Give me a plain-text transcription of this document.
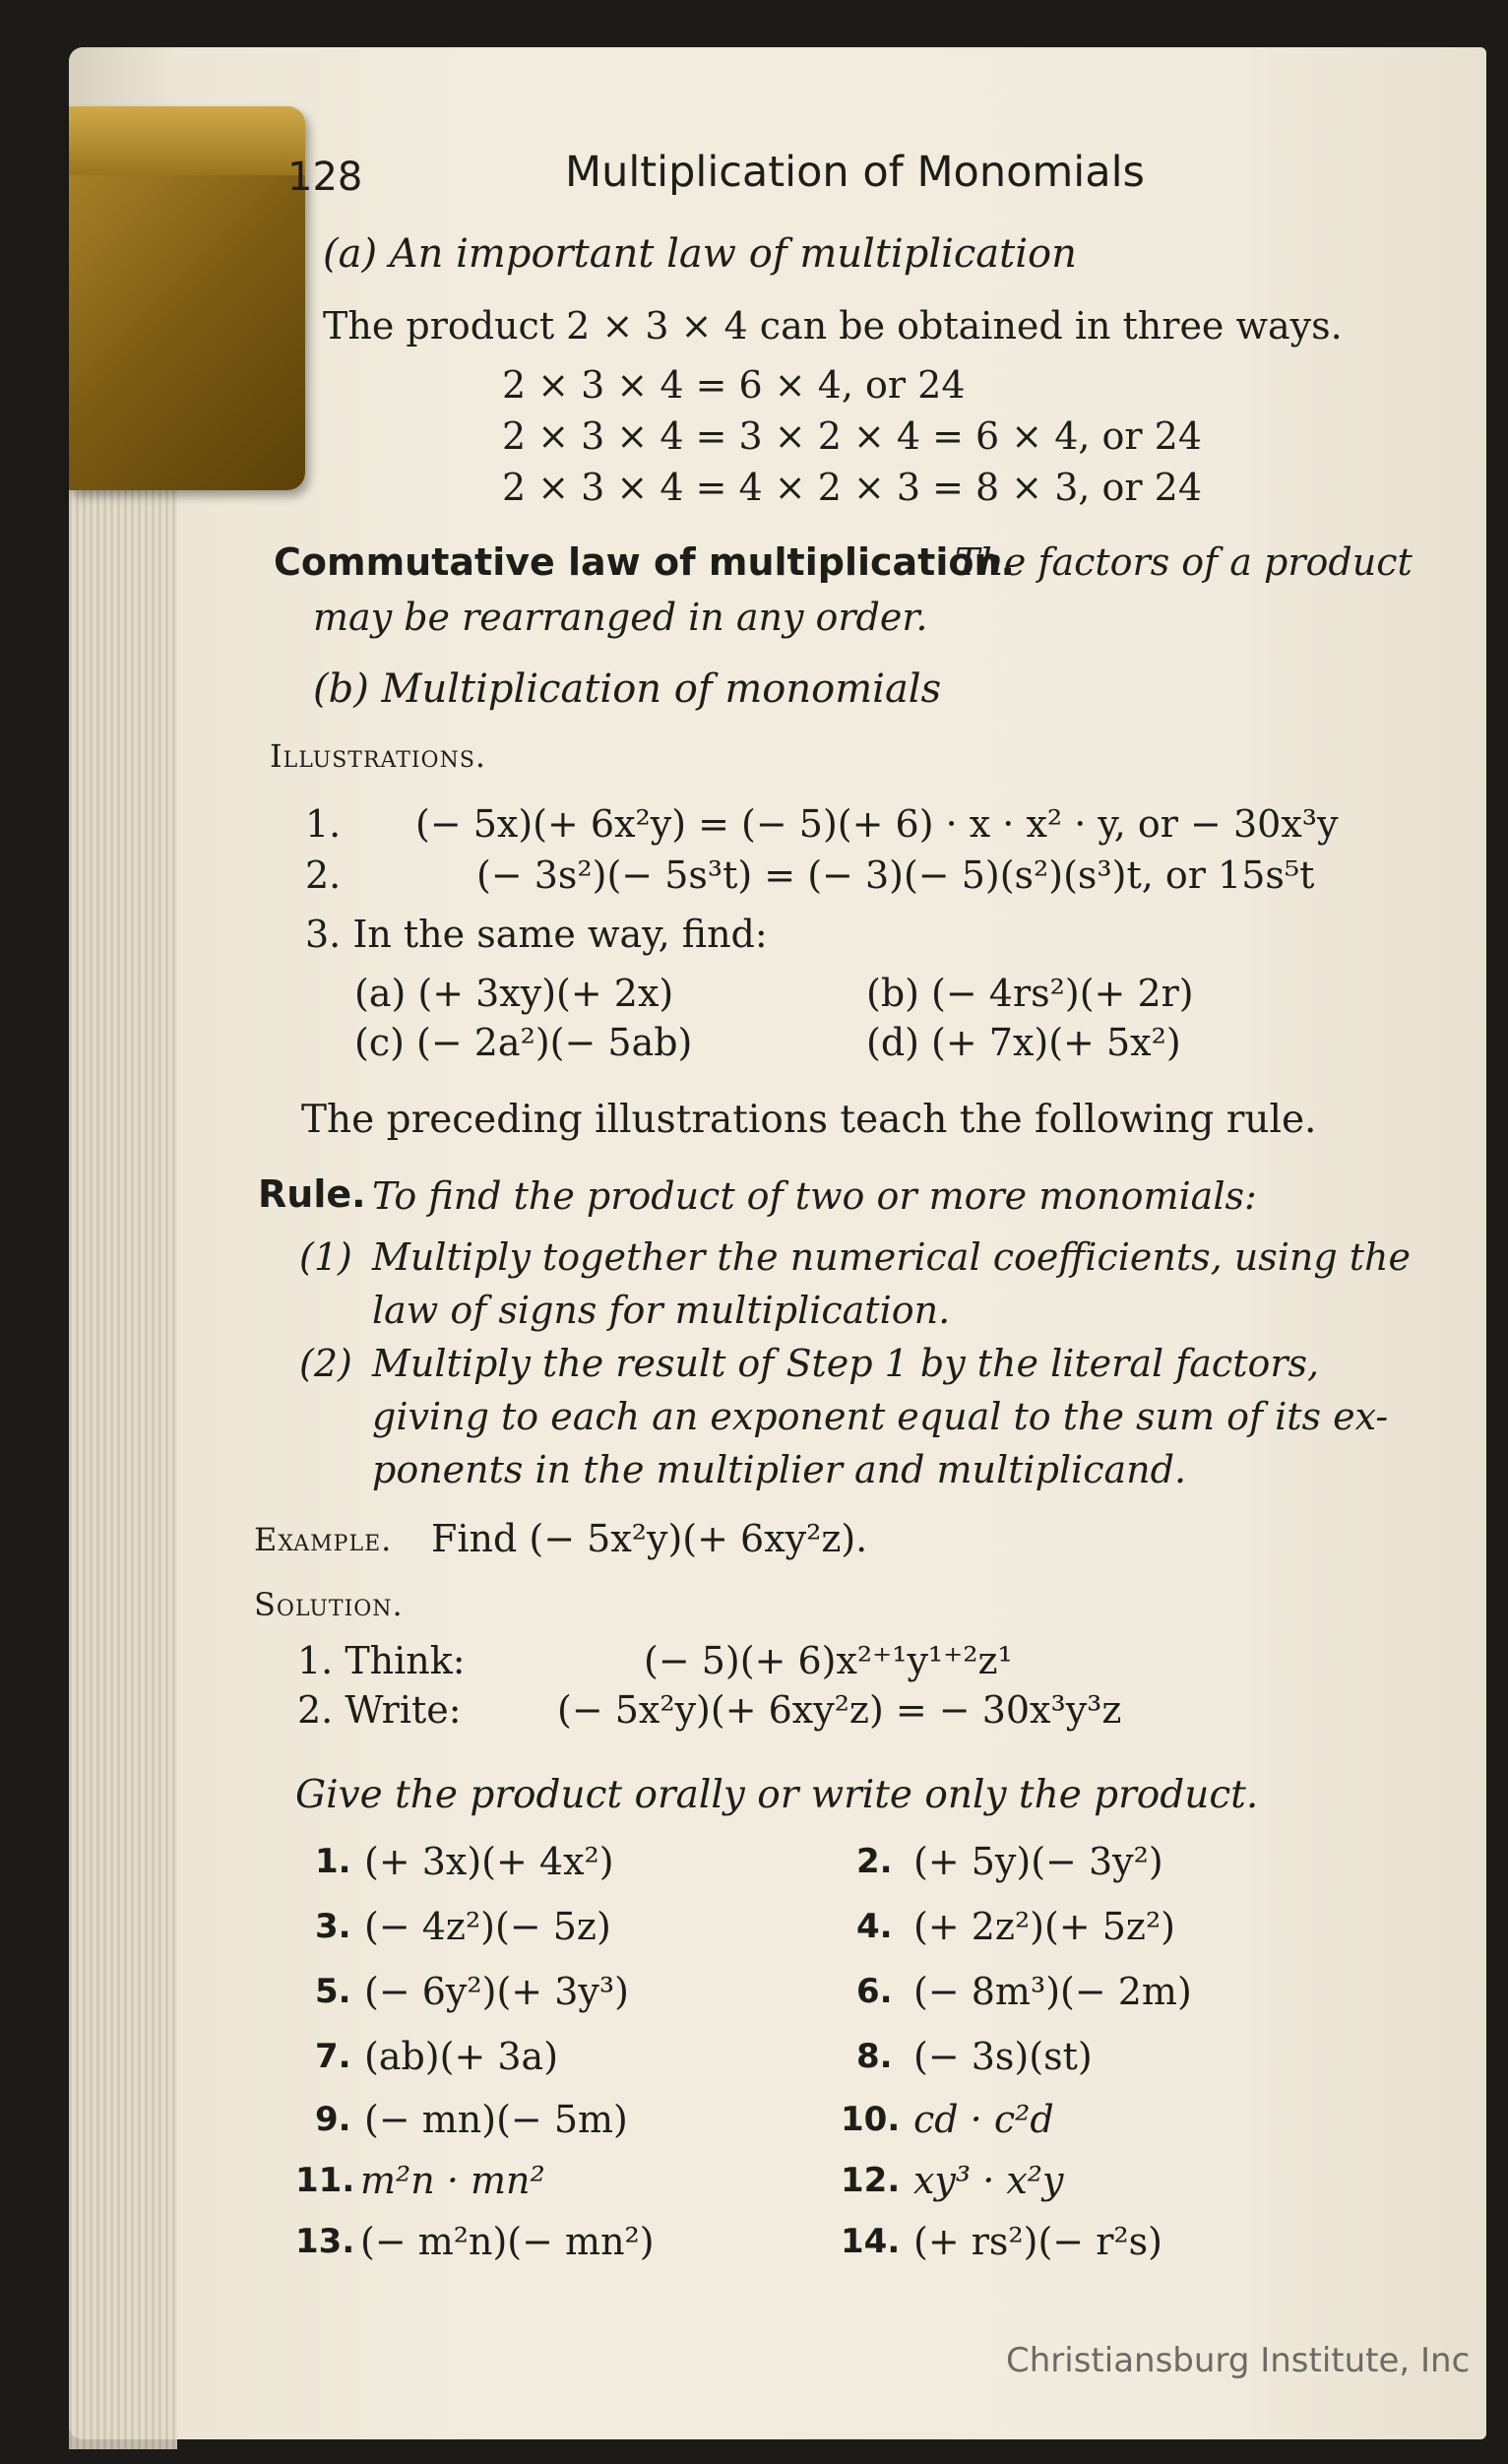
128	Multiplication of Monomials
(a) An important law of multiplication
The product 2 × 3 × 4 can be obtained in three ways.
2 × 3 × 4 = 6 × 4, or 24
2 × 3 × 4 = 3 × 2 × 4 = 6 × 4, or 24
2 × 3 × 4 = 4 × 2 × 3 = 8 × 3, or 24
Commutative law of multiplication.
The factors of a product
may be rearranged in any order.
(b) Multiplication of monomials
Illustrations.
1. (− 5x)(+ 6x²y) = (− 5)(+ 6) · x · x² · y, or − 30x³y
2.	(− 3s²)(− 5s³t) = (− 3)(− 5)(s²)(s³)t, or 15s⁵t
3. In the same way, find:
(a) (+ 3xy)(+ 2x)	(b) (− 4rs²)(+ 2r)
(c) (− 2a²)(− 5ab)	(d) (+ 7x)(+ 5x²)
The preceding illustrations teach the following rule.
Rule. To find the product of two or more monomials:
(1) Multiply together the numerical coefficients, using the
law of signs for multiplication.
(2) Multiply the result of Step 1 by the literal factors,
giving to each an exponent equal to the sum of its ex-
ponents in the multiplier and multiplicand.
Example. Find (− 5x²y)(+ 6xy²z).
Solution.
1. Think:	(− 5)(+ 6)x²⁺¹y¹⁺²z¹
2. Write:	(− 5x²y)(+ 6xy²z) = − 30x³y³z
Give the product orally or write only the product.
1. (+ 3x)(+ 4x²)	2. (+ 5y)(− 3y²)
3. (− 4z²)(− 5z)	4. (+ 2z²)(+ 5z²)
5. (− 6y²)(+ 3y³)	6. (− 8m³)(− 2m)
7. (ab)(+ 3a)	8. (− 3s)(st)
9. (− mn)(− 5m)	10. cd · c²d
11. m²n · mn²	12. xy³ · x²y
13. (− m²n)(− mn²)	14. (+ rs²)(− r²s)
Christiansburg Institute, Inc
